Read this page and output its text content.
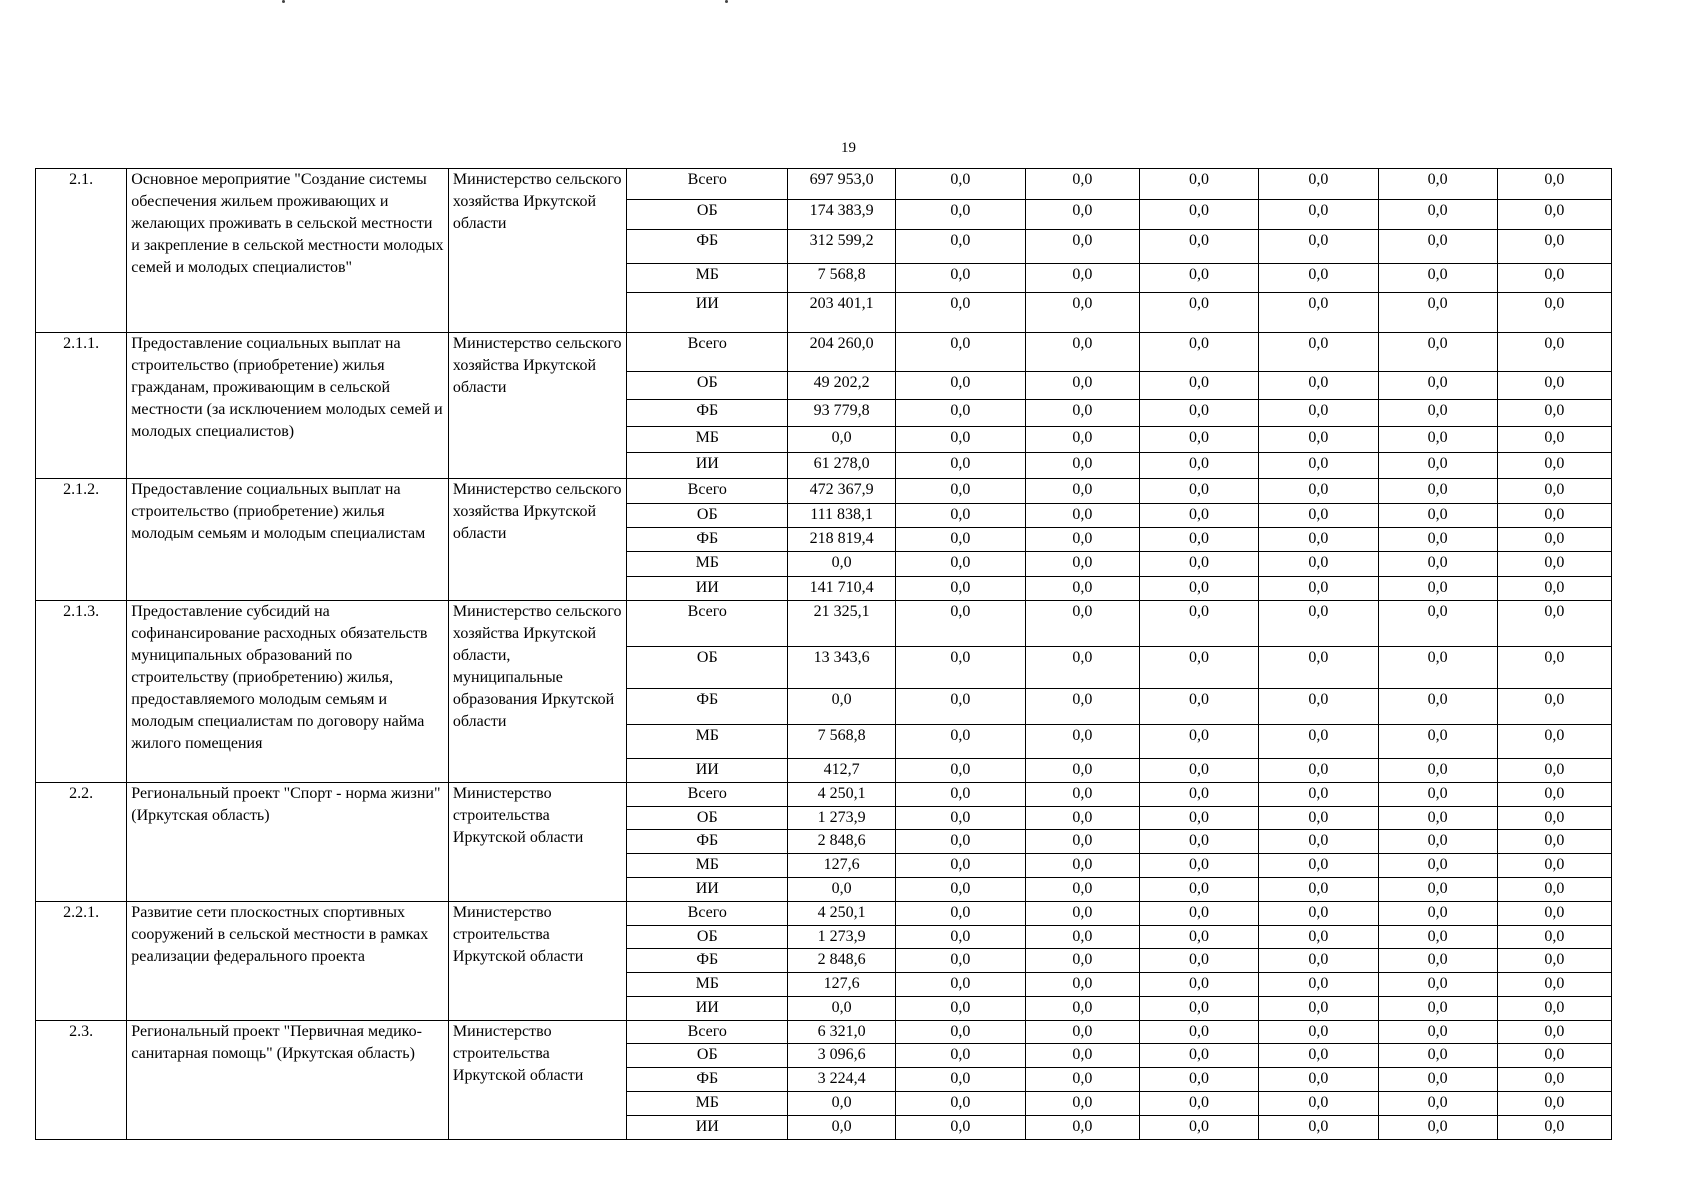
19
2.1.	Основное мероприятие "Создание системы обеспечения жильем проживающих и желающих проживать в сельской местности и закрепление в сельской местности молодых семей и молодых специалистов"	Министерство сельского хозяйства Иркутской области	Всего	697 953,0	0,0	0,0	0,0	0,0	0,0	0,0
			ОБ	174 383,9	0,0	0,0	0,0	0,0	0,0	0,0
			ФБ	312 599,2	0,0	0,0	0,0	0,0	0,0	0,0
			МБ	7 568,8	0,0	0,0	0,0	0,0	0,0	0,0
			ИИ	203 401,1	0,0	0,0	0,0	0,0	0,0	0,0
2.1.1.	Предоставление социальных выплат на строительство (приобретение) жилья гражданам, проживающим в сельской местности (за исключением молодых семей и молодых специалистов)	Министерство сельского хозяйства Иркутской области	Всего	204 260,0	0,0	0,0	0,0	0,0	0,0	0,0
			ОБ	49 202,2	0,0	0,0	0,0	0,0	0,0	0,0
			ФБ	93 779,8	0,0	0,0	0,0	0,0	0,0	0,0
			МБ	0,0	0,0	0,0	0,0	0,0	0,0	0,0
			ИИ	61 278,0	0,0	0,0	0,0	0,0	0,0	0,0
2.1.2.	Предоставление социальных выплат на строительство (приобретение) жилья молодым семьям и молодым специалистам	Министерство сельского хозяйства Иркутской области	Всего	472 367,9	0,0	0,0	0,0	0,0	0,0	0,0
			ОБ	111 838,1	0,0	0,0	0,0	0,0	0,0	0,0
			ФБ	218 819,4	0,0	0,0	0,0	0,0	0,0	0,0
			МБ	0,0	0,0	0,0	0,0	0,0	0,0	0,0
			ИИ	141 710,4	0,0	0,0	0,0	0,0	0,0	0,0
2.1.3.	Предоставление субсидий на софинансирование расходных обязательств муниципальных образований по строительству (приобретению) жилья, предоставляемого молодым семьям и молодым специалистам по договору найма жилого помещения	Министерство сельского хозяйства Иркутской области, муниципальные образования Иркутской области	Всего	21 325,1	0,0	0,0	0,0	0,0	0,0	0,0
			ОБ	13 343,6	0,0	0,0	0,0	0,0	0,0	0,0
			ФБ	0,0	0,0	0,0	0,0	0,0	0,0	0,0
			МБ	7 568,8	0,0	0,0	0,0	0,0	0,0	0,0
			ИИ	412,7	0,0	0,0	0,0	0,0	0,0	0,0
2.2.	Региональный проект "Спорт - норма жизни" (Иркутская область)	Министерство строительства Иркутской области	Всего	4 250,1	0,0	0,0	0,0	0,0	0,0	0,0
			ОБ	1 273,9	0,0	0,0	0,0	0,0	0,0	0,0
			ФБ	2 848,6	0,0	0,0	0,0	0,0	0,0	0,0
			МБ	127,6	0,0	0,0	0,0	0,0	0,0	0,0
			ИИ	0,0	0,0	0,0	0,0	0,0	0,0	0,0
2.2.1.	Развитие сети плоскостных спортивных сооружений в сельской местности в рамках реализации федерального проекта	Министерство строительства Иркутской области	Всего	4 250,1	0,0	0,0	0,0	0,0	0,0	0,0
			ОБ	1 273,9	0,0	0,0	0,0	0,0	0,0	0,0
			ФБ	2 848,6	0,0	0,0	0,0	0,0	0,0	0,0
			МБ	127,6	0,0	0,0	0,0	0,0	0,0	0,0
			ИИ	0,0	0,0	0,0	0,0	0,0	0,0	0,0
2.3.	Региональный проект "Первичная медико-санитарная помощь" (Иркутская область)	Министерство строительства Иркутской области	Всего	6 321,0	0,0	0,0	0,0	0,0	0,0	0,0
			ОБ	3 096,6	0,0	0,0	0,0	0,0	0,0	0,0
			ФБ	3 224,4	0,0	0,0	0,0	0,0	0,0	0,0
			МБ	0,0	0,0	0,0	0,0	0,0	0,0	0,0
			ИИ	0,0	0,0	0,0	0,0	0,0	0,0	0,0
